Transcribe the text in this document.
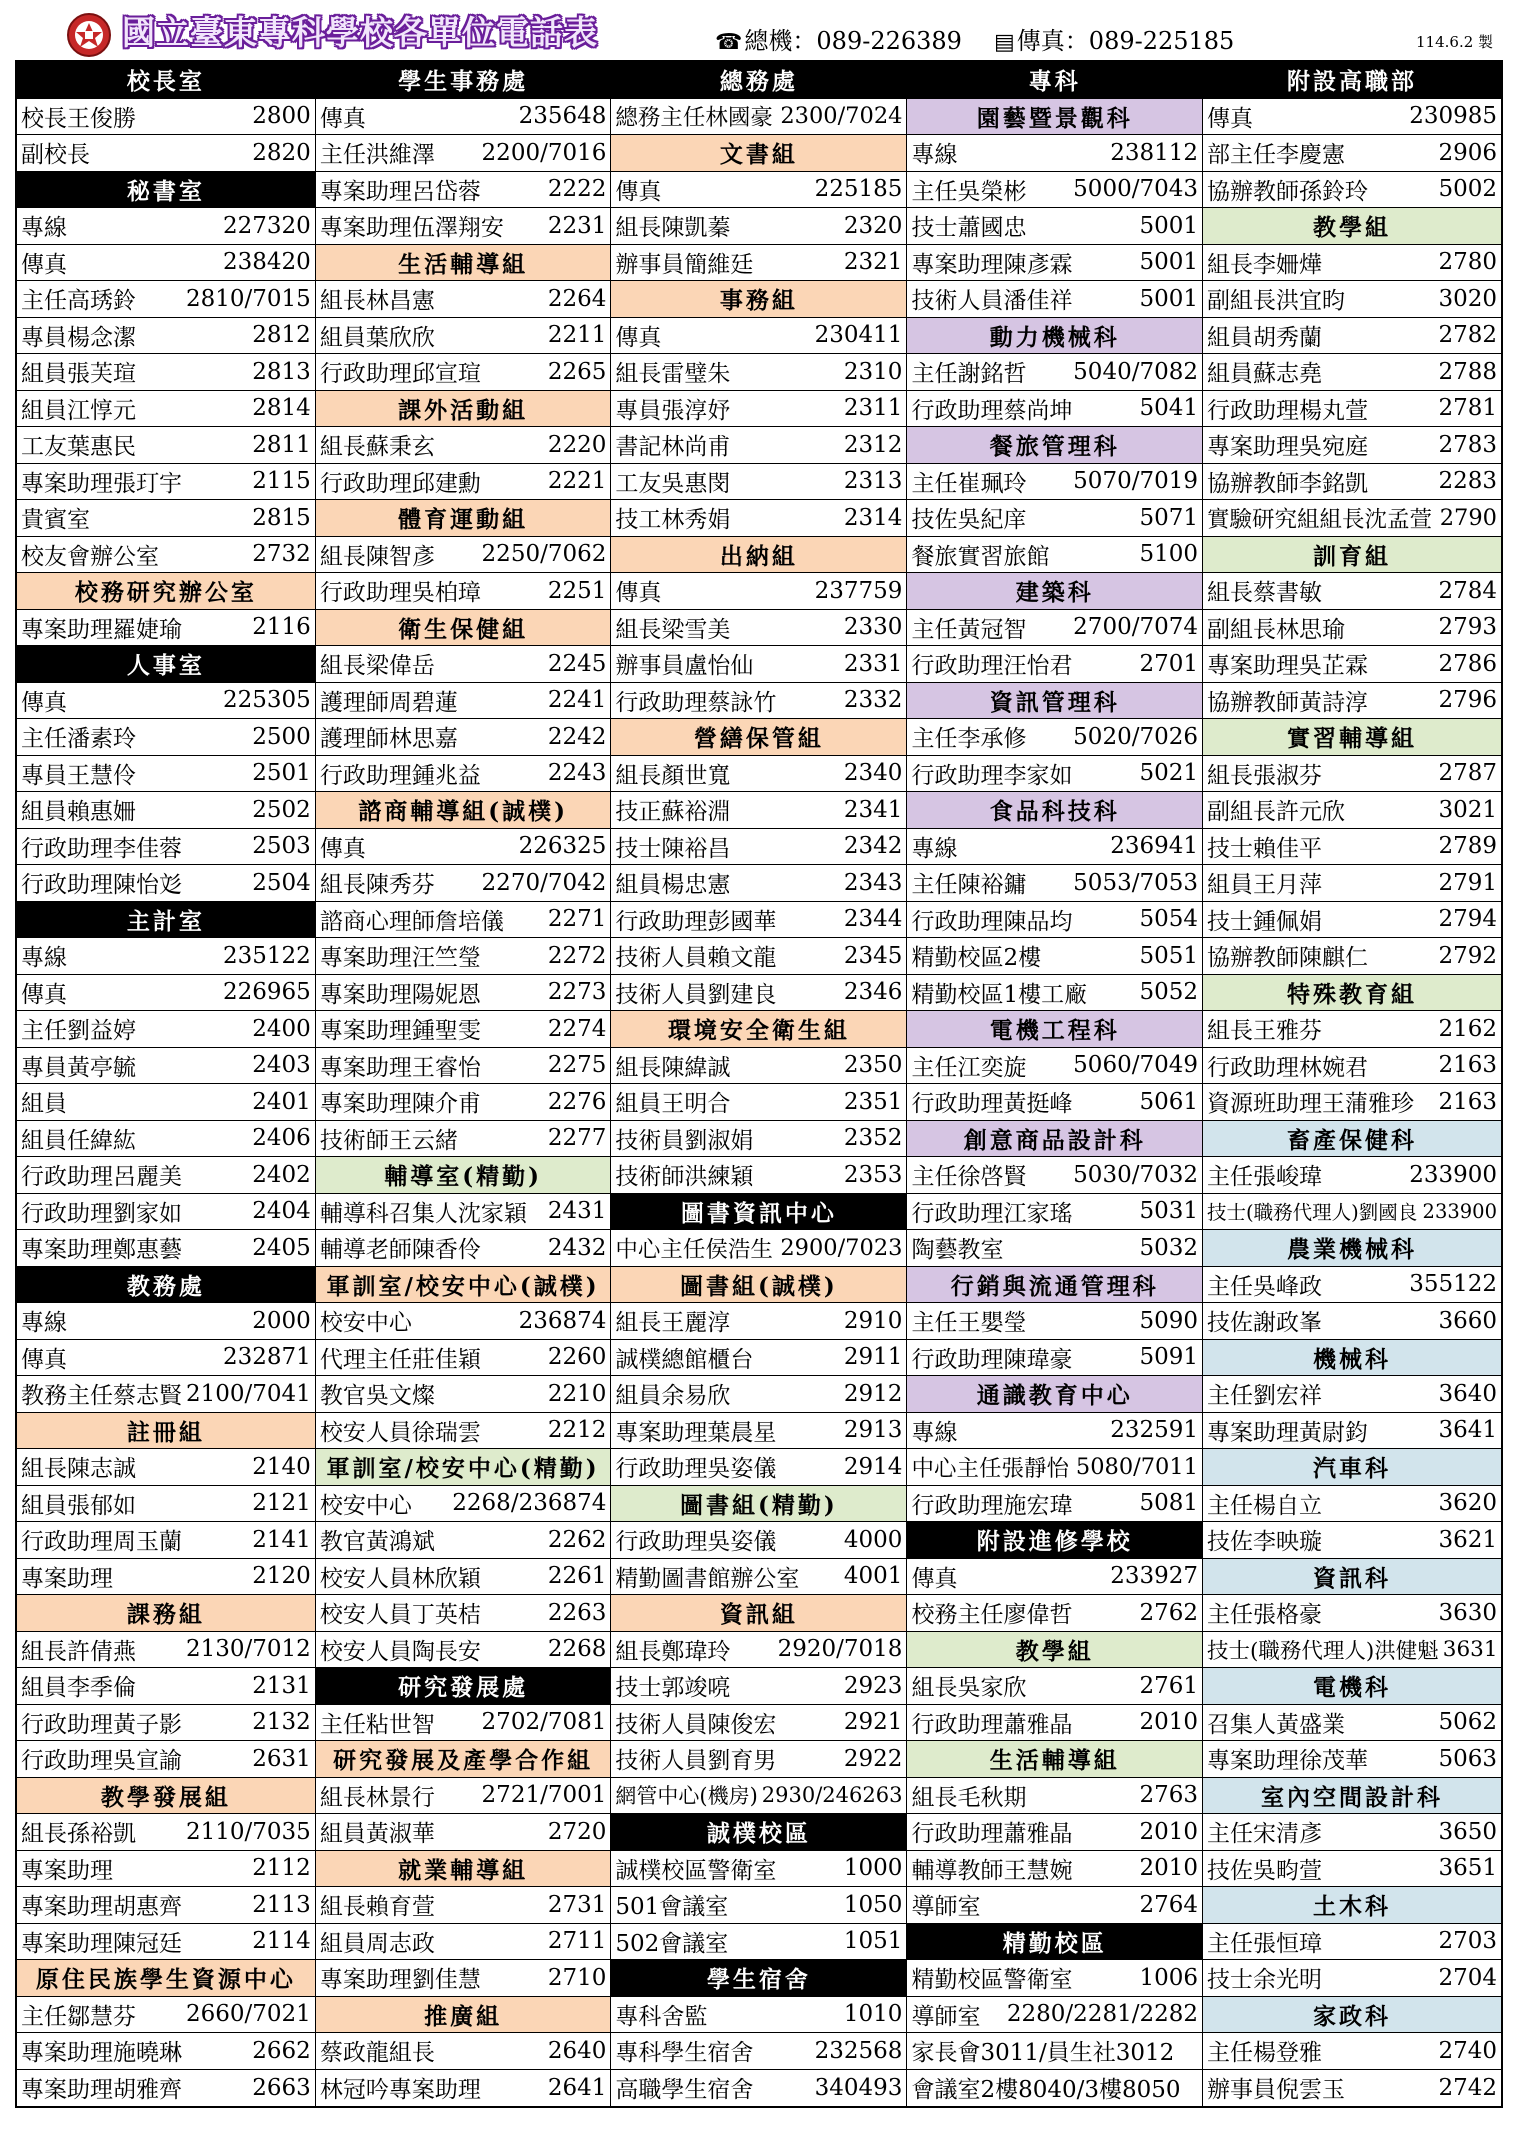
國立臺東專科學校各單位電話表	☎總機：089-226389 ▤傳真：089-225185	114.6.2 製
校長室
校長王俊勝	2800
副校長	2820
秘書室
專線	227320
傳真	238420
主任高琇鈴 2810/7015
專員楊念潔	2812
組員張芙瑄	2813
組員江惇元	2814
工友葉惠民	2811
專案助理張玎宇	2115
貴賓室	2815
校友會辦公室	2732
校務研究辦公室
專案助理羅婕瑜	2116
人事室
傳真	225305
主任潘素玲	2500
專員王慧伶	2501
組員賴惠姍	2502
行政助理李佳蓉	2503
行政助理陳怡彣	2504
主計室
專線	235122
傳真	226965
主任劉益婷	2400
專員黃亭毓	2403
組員	2401
組員任緯紘	2406
行政助理呂麗美	2402
行政助理劉家如	2404
專案助理鄭惠藝	2405
教務處
專線	2000
傳真	232871
教務主任蔡志賢 2100/7041
註冊組
組長陳志誠	2140
組員張郁如	2121
行政助理周玉蘭	2141
專案助理	2120
課務組
組長許倩燕 2130/7012
組員李季倫	2131
行政助理黃子影	2132
行政助理吳宣諭	2631
教學發展組
組長孫裕凱 2110/7035
專案助理	2112
專案助理胡惠齊	2113
專案助理陳冠廷	2114
原住民族學生資源中心
主任鄒慧芬 2660/7021
專案助理施曉琳	2662
專案助理胡雅齊	2663
學生事務處
傳真	235648
主任洪維澤 2200/7016
專案助理呂岱蓉	2222
專案助理伍澤翔安 2231
生活輔導組
組長林昌憲	2264
組員葉欣欣	2211
行政助理邱宣瑄	2265
課外活動組
組長蘇秉玄	2220
行政助理邱建勳	2221
體育運動組
組長陳智彥 2250/7062
行政助理吳柏璋	2251
衛生保健組
組長梁偉岳	2245
護理師周碧蓮	2241
護理師林思嘉	2242
行政助理鍾兆益	2243
諮商輔導組(誠樸)
傳真	226325
組長陳秀芬 2270/7042
諮商心理師詹培儀 2271
專案助理汪竺瑩	2272
專案助理陽妮恩	2273
專案助理鍾聖雯	2274
專案助理王睿怡	2275
專案助理陳介甫	2276
技術師王云緒	2277
輔導室(精勤)
輔導科召集人沈家穎 2431
輔導老師陳香伶	2432
軍訓室/校安中心(誠樸)
校安中心	236874
代理主任莊佳穎	2260
教官吳文燦	2210
校安人員徐瑞雲	2212
軍訓室/校安中心(精勤)
校安中心 2268/236874
教官黃鴻斌	2262
校安人員林欣穎	2261
校安人員丁英桔	2263
校安人員陶長安	2268
研究發展處
主任粘世智 2702/7081
研究發展及產學合作組
組長林景行 2721/7001
組員黃淑華	2720
就業輔導組
組長賴育萱	2731
組員周志政	2711
專案助理劉佳慧	2710
推廣組
蔡政龍組長	2640
林冠吟專案助理	2641
總務處
總務主任林國豪 2300/7024
文書組
傳真	225185
組長陳凱蓁	2320
辦事員簡維廷	2321
事務組
傳真	230411
組長雷璧朱	2310
專員張淳妤	2311
書記林尚甫	2312
工友吳惠閔	2313
技工林秀娟	2314
出納組
傳真	237759
組長梁雪美	2330
辦事員盧怡仙	2331
行政助理蔡詠竹	2332
營繕保管組
組長顏世寬	2340
技正蘇裕淵	2341
技士陳裕昌	2342
組員楊忠憲	2343
行政助理彭國華	2344
技術人員賴文龍	2345
技術人員劉建良	2346
環境安全衛生組
組長陳緯誠	2350
組員王明合	2351
技術員劉淑娟	2352
技術師洪練穎	2353
圖書資訊中心
中心主任侯浩生 2900/7023
圖書組(誠樸)
組長王麗淳	2910
誠樸總館櫃台	2911
組員余易欣	2912
專案助理葉晨星	2913
行政助理吳姿儀	2914
圖書組(精勤)
行政助理吳姿儀	4000
精勤圖書館辦公室 4001
資訊組
組長鄭瑋玲 2920/7018
技士郭竣喨	2923
技術人員陳俊宏	2921
技術人員劉育男	2922
網管中心(機房) 2930/246263
誠樸校區
誠樸校區警衛室	1000
501會議室	1050
502會議室	1051
學生宿舍
專科舍監	1010
專科學生宿舍	232568
高職學生宿舍	340493
專科
園藝暨景觀科
專線	238112
主任吳榮彬 5000/7043
技士蕭國忠	5001
專案助理陳彥霖	5001
技術人員潘佳祥	5001
動力機械科
主任謝銘哲 5040/7082
行政助理蔡尚坤	5041
餐旅管理科
主任崔珮玲 5070/7019
技佐吳紀庠	5071
餐旅實習旅館	5100
建築科
主任黃冠智 2700/7074
行政助理汪怡君	2701
資訊管理科
主任李承修 5020/7026
行政助理李家如	5021
食品科技科
專線	236941
主任陳裕鏞 5053/7053
行政助理陳品均	5054
精勤校區2樓	5051
精勤校區1樓工廠 5052
電機工程科
主任江奕旋 5060/7049
行政助理黃挺峰	5061
創意商品設計科
主任徐啓賢 5030/7032
行政助理江家瑤	5031
陶藝教室	5032
行銷與流通管理科
主任王嬰瑩	5090
行政助理陳瑋豪	5091
通識教育中心
專線	232591
中心主任張靜怡 5080/7011
行政助理施宏瑋	5081
附設進修學校
傳真	233927
校務主任廖偉哲	2762
教學組
組長吳家欣	2761
行政助理蕭雅晶	2010
生活輔導組
組長毛秋期	2763
行政助理蕭雅晶	2010
輔導教師王慧婉	2010
導師室	2764
精勤校區
精勤校區警衛室	1006
導師室 2280/2281/2282
家長會3011/員生社3012
會議室2樓8040/3樓8050
附設高職部
傳真	230985
部主任李慶憲	2906
協辦教師孫鈴玲	5002
教學組
組長李姍燁	2780
副組長洪宜昀	3020
組員胡秀蘭	2782
組員蘇志堯	2788
行政助理楊丸萱	2781
專案助理吳宛庭	2783
協辦教師李銘凱	2283
實驗研究組組長沈孟萱 2790
訓育組
組長蔡書敏	2784
副組長林思瑜	2793
專案助理吳芷霖	2786
協辦教師黃詩淳	2796
實習輔導組
組長張淑芬	2787
副組長許元欣	3021
技士賴佳平	2789
組員王月萍	2791
技士鍾佩娟	2794
協辦教師陳麒仁	2792
特殊教育組
組長王雅芬	2162
行政助理林婉君	2163
資源班助理王蒲雅珍 2163
畜產保健科
主任張峻瑋	233900
技士(職務代理人)劉國良 233900
農業機械科
主任吳峰政	355122
技佐謝政峯	3660
機械科
主任劉宏祥	3640
專案助理黃尉鈞	3641
汽車科
主任楊自立	3620
技佐李映璇	3621
資訊科
主任張格豪	3630
技士(職務代理人)洪健魁 3631
電機科
召集人黃盛業	5062
專案助理徐茂華	5063
室內空間設計科
主任宋清彥	3650
技佐吳畇萱	3651
土木科
主任張恒璋	2703
技士余光明	2704
家政科
主任楊登雅	2740
辦事員倪雲玉	2742
